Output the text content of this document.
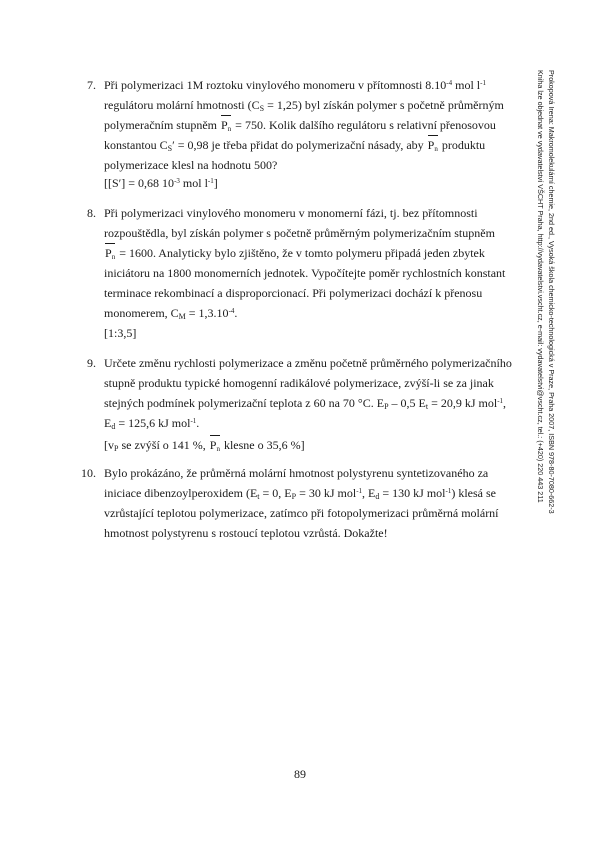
Prokopová Irena: Makromolekulární chemie, 2nd ed., Vysoká škola chemicko-technologická v Praze, Praha 2007, ISBN 978-80-7080-662-3
Kniha lze objednat ve vydavatelství VŠCHT Praha, http://vydavatelstvi.vscht.cz, e-mail: vydavatelstvi@vscht.cz, tel.: (+420) 220 443 211
7. Při polymerizaci 1M roztoku vinylového monomeru v přítomnosti $8.10^{-4}$ mol $l^{-1}$
regulátoru molární hmotnosti $(C_S = 1,25)$ byl získán polymer s početně průměrným
polymeračním stupněm $P_n = 750$. Kolik dalšího regulátoru s relativní přenosovou
konstantou $C_S' = 0,98$ je třeba přidat do polymerizační násady, aby $P_n$ produktu
polymerizace klesl na hodnotu 500?
[[S′] = 0,68 $10^{-3}$ mol $l^{-1}$]
8. Při polymerizaci vinylového monomeru v monomerní fázi, tj. bez přítomnosti
rozpouštědla, byl získán polymer s početně průměrným polymerizačním stupněm
$P_n = 1600$. Analyticky bylo zjištěno, že v tomto polymeru připadá jeden zbytek
iniciátoru na 1800 monomerních jednotek. Vypočítejte poměr rychlostních konstant
terminace rekombinací a disproporcionací. Při polymerizaci dochází k přenosu
monomerem, $C_M = 1,3.10^{-4}$.
[1:3,5]
9. Určete změnu rychlosti polymerizace a změnu početně průměrného polymerizačního
stupně produktu typické homogenní radikálové polymerizace, zvýší-li se za jinak
stejných podmínek polymerizační teplota z 60 na 70 °C. $E_P - 0,5$ $E_t = 20,9$ kJ mol$^{-1}$,
$E_d = 125,6$ kJ mol$^{-1}$.
[$v_P$ se zvýší o 141 %, $P_n$ klesne o 35,6 %]
10. Bylo prokázáno, že průměrná molární hmotnost polystyrenu syntetizovaného za
iniciace dibenzoylperoxidem ($E_t = 0$, $E_P = 30$ kJ mol$^{-1}$, $E_d = 130$ kJ mol$^{-1}$) klesá se
vzrůstající teplotou polymerizace, zatímco při fotopolymerizaci průměrná molární
hmotnost polystyrenu s rostoucí teplotou vzrůstá. Dokažte!
89
